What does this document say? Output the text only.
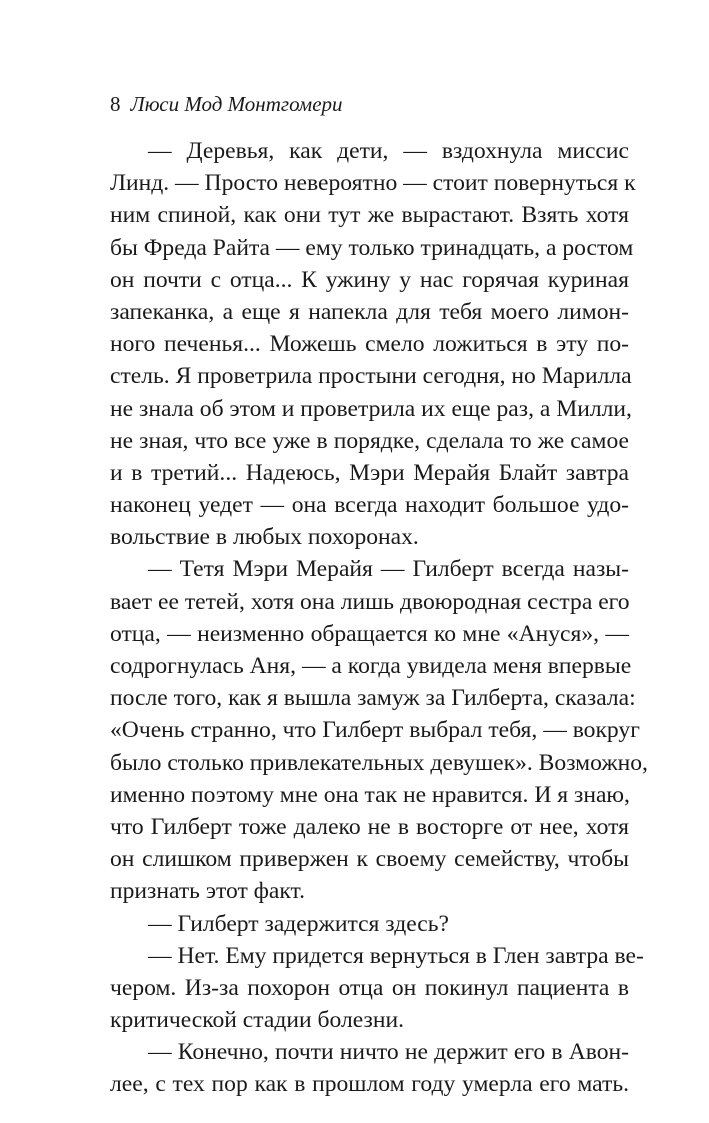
8 Люси Мод Монтгомери
— Деревья, как дети, — вздохнула миссис
Линд. — Просто невероятно — стоит повернуться к
ним спиной, как они тут же вырастают. Взять хотя
бы Фреда Райта — ему только тринадцать, а ростом
он почти с отца... К ужину у нас горячая куриная
запеканка, а еще я напекла для тебя моего лимон-
ного печенья... Можешь смело ложиться в эту по-
стель. Я проветрила простыни сегодня, но Марилла
не знала об этом и проветрила их еще раз, а Милли,
не зная, что все уже в порядке, сделала то же самое
и в третий... Надеюсь, Мэри Мерайя Блайт завтра
наконец уедет — она всегда находит большое удо-
вольствие в любых похоронах.
— Тетя Мэри Мерайя — Гилберт всегда назы-
вает ее тетей, хотя она лишь двоюродная сестра его
отца, — неизменно обращается ко мне «Ануся», —
содрогнулась Аня, — а когда увидела меня впервые
после того, как я вышла замуж за Гилберта, сказала:
«Очень странно, что Гилберт выбрал тебя, — вокруг
было столько привлекательных девушек». Возможно,
именно поэтому мне она так не нравится. И я знаю,
что Гилберт тоже далеко не в восторге от нее, хотя
он слишком привержен к своему семейству, чтобы
признать этот факт.
— Гилберт задержится здесь?
— Нет. Ему придется вернуться в Глен завтра ве-
чером. Из-за похорон отца он покинул пациента в
критической стадии болезни.
— Конечно, почти ничто не держит его в Авон-
лее, с тех пор как в прошлом году умерла его мать.
